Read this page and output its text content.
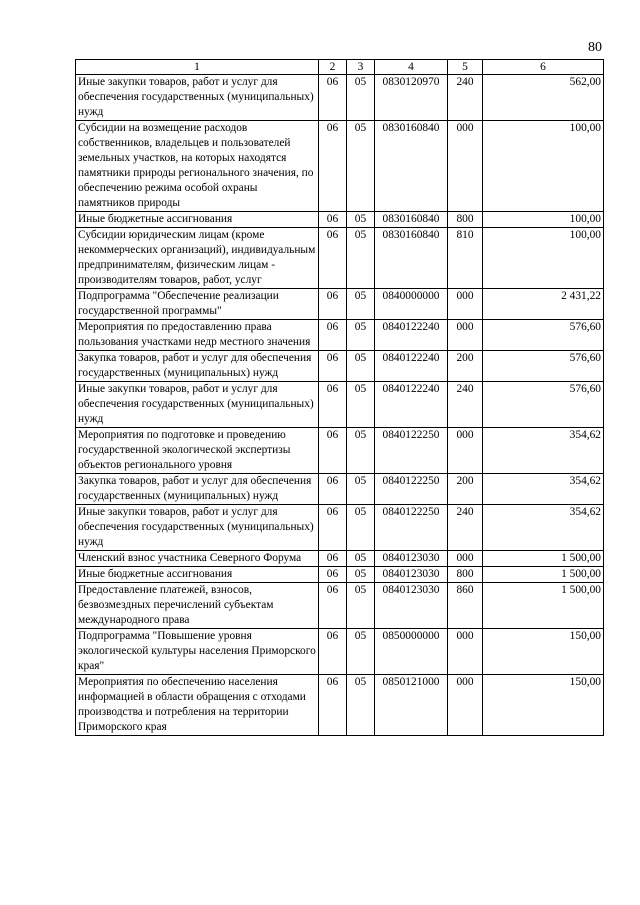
80
1	2	3	4	5	6
Иные закупки товаров, работ и услуг для обеспечения государственных (муниципальных) нужд	06	05	0830120970	240	562,00
Субсидии на возмещение расходов собственников, владельцев и пользователей земельных участков, на которых находятся памятники природы регионального значения, по обеспечению режима особой охраны памятников природы	06	05	0830160840	000	100,00
Иные бюджетные ассигнования	06	05	0830160840	800	100,00
Субсидии юридическим лицам (кроме некоммерческих организаций), индивидуальным предпринимателям, физическим лицам - производителям товаров, работ, услуг	06	05	0830160840	810	100,00
Подпрограмма "Обеспечение реализации государственной программы"	06	05	0840000000	000	2 431,22
Мероприятия по предоставлению права пользования участками недр местного значения	06	05	0840122240	000	576,60
Закупка товаров, работ и услуг для обеспечения государственных (муниципальных) нужд	06	05	0840122240	200	576,60
Иные закупки товаров, работ и услуг для обеспечения государственных (муниципальных) нужд	06	05	0840122240	240	576,60
Мероприятия по подготовке и проведению государственной экологической экспертизы объектов регионального уровня	06	05	0840122250	000	354,62
Закупка товаров, работ и услуг для обеспечения государственных (муниципальных) нужд	06	05	0840122250	200	354,62
Иные закупки товаров, работ и услуг для обеспечения государственных (муниципальных) нужд	06	05	0840122250	240	354,62
Членский взнос участника Северного Форума	06	05	0840123030	000	1 500,00
Иные бюджетные ассигнования	06	05	0840123030	800	1 500,00
Предоставление платежей, взносов, безвозмездных перечислений субъектам международного права	06	05	0840123030	860	1 500,00
Подпрограмма "Повышение уровня экологической культуры населения Приморского края"	06	05	0850000000	000	150,00
Мероприятия по обеспечению населения информацией в области обращения с отходами производства и потребления на территории Приморского края	06	05	0850121000	000	150,00
